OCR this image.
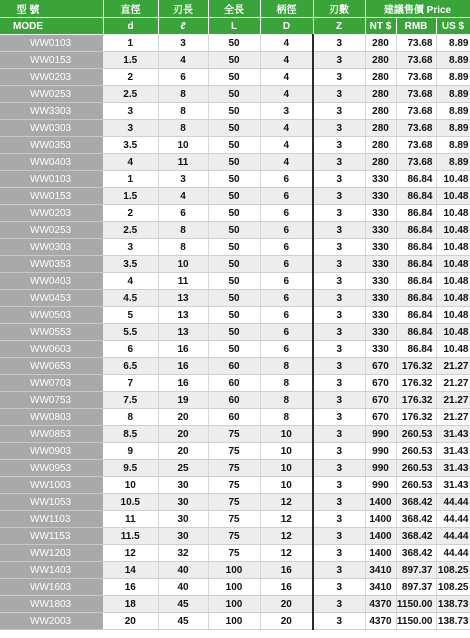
型 號	直徑	刃長	全長	柄徑	刃數	建議售價 Price		
MODE	d	ℓ	L	D	Z	NT $	RMB	US $
WW0103	1	3	50	4	3	280	73.68	8.89
WW0153	1.5	4	50	4	3	280	73.68	8.89
WW0203	2	6	50	4	3	280	73.68	8.89
WW0253	2.5	8	50	4	3	280	73.68	8.89
WW3303	3	8	50	3	3	280	73.68	8.89
WW0303	3	8	50	4	3	280	73.68	8.89
WW0353	3.5	10	50	4	3	280	73.68	8.89
WW0403	4	11	50	4	3	280	73.68	8.89
WW0103	1	3	50	6	3	330	86.84	10.48
WW0153	1.5	4	50	6	3	330	86.84	10.48
WW0203	2	6	50	6	3	330	86.84	10.48
WW0253	2.5	8	50	6	3	330	86.84	10.48
WW0303	3	8	50	6	3	330	86.84	10.48
WW0353	3.5	10	50	6	3	330	86.84	10.48
WW0403	4	11	50	6	3	330	86.84	10.48
WW0453	4.5	13	50	6	3	330	86.84	10.48
WW0503	5	13	50	6	3	330	86.84	10.48
WW0553	5.5	13	50	6	3	330	86.84	10.48
WW0603	6	16	50	6	3	330	86.84	10.48
WW0653	6.5	16	60	8	3	670	176.32	21.27
WW0703	7	16	60	8	3	670	176.32	21.27
WW0753	7.5	19	60	8	3	670	176.32	21.27
WW0803	8	20	60	8	3	670	176.32	21.27
WW0853	8.5	20	75	10	3	990	260.53	31.43
WW0903	9	20	75	10	3	990	260.53	31.43
WW0953	9.5	25	75	10	3	990	260.53	31.43
WW1003	10	30	75	10	3	990	260.53	31.43
WW1053	10.5	30	75	12	3	1400	368.42	44.44
WW1103	11	30	75	12	3	1400	368.42	44.44
WW1153	11.5	30	75	12	3	1400	368.42	44.44
WW1203	12	32	75	12	3	1400	368.42	44.44
WW1403	14	40	100	16	3	3410	897.37	108.25
WW1603	16	40	100	16	3	3410	897.37	108.25
WW1803	18	45	100	20	3	4370	1150.00	138.73
WW2003	20	45	100	20	3	4370	1150.00	138.73
